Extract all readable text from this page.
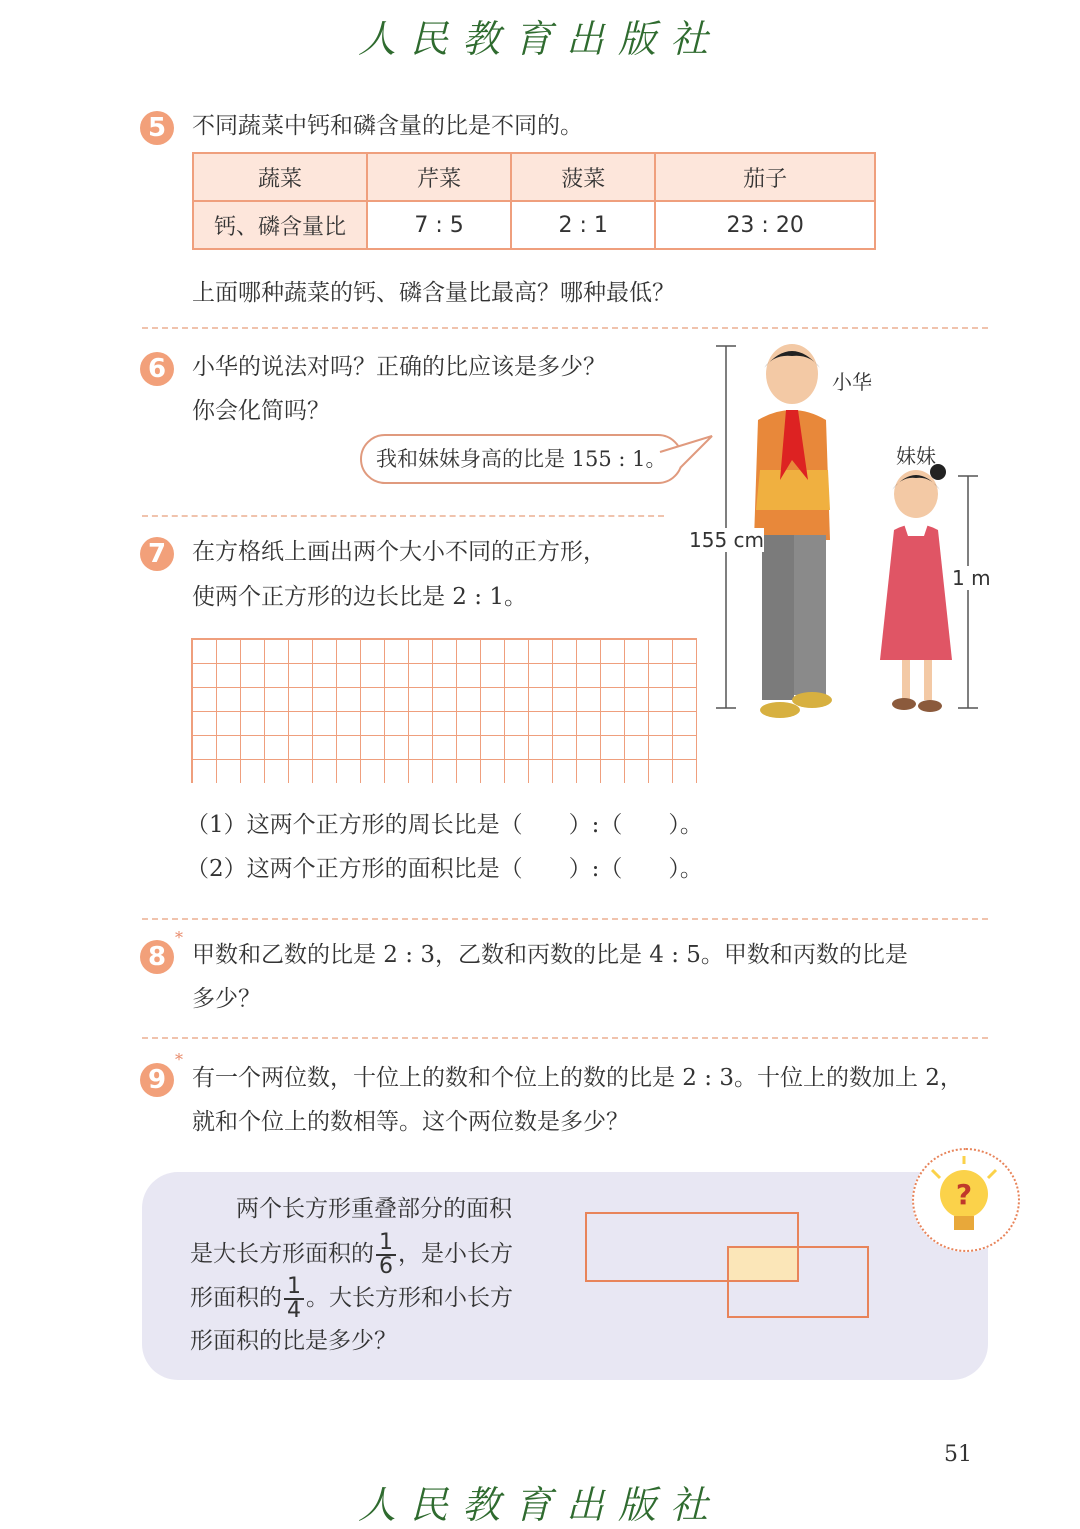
人民教育出版社
5	不同蔬菜中钙和磷含量的比是不同的。
蔬菜	芹菜	菠菜	茄子
钙、磷含量比	7 : 5	2 : 1	23 : 20
上面哪种蔬菜的钙、磷含量比最高？哪种最低？
6	小华的说法对吗？正确的比应该是多少？
你会化简吗？
我和妹妹身高的比是 155 : 1。
小华
妹妹
155 cm
1 m
7	在方格纸上画出两个大小不同的正方形，
使两个正方形的边长比是 2 : 1。
（1）这两个正方形的周长比是（　　）:（　　）。
（2）这两个正方形的面积比是（　　）:（　　）。
*
8	甲数和乙数的比是 2 : 3，乙数和丙数的比是 4 : 5。甲数和丙数的比是
多少？
*
9	有一个两位数，十位上的数和个位上的数的比是 2 : 3。十位上的数加上 2，
就和个位上的数相等。这个两位数是多少？
两个长方形重叠部分的面积
是大长方形面积的 $\frac{1}{6}$ ，是小长方
形面积的 $\frac{1}{4}$ 。大长方形和小长方
形面积的比是多少？
?
51
人民教育出版社
